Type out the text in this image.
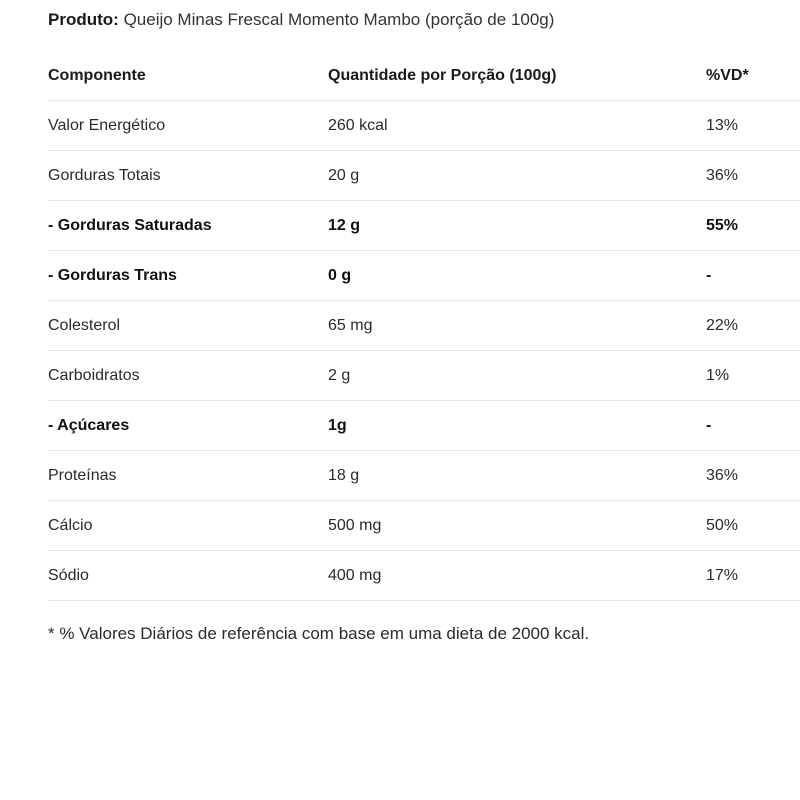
Produto: Queijo Minas Frescal Momento Mambo (porção de 100g)
Componente	Quantidade por Porção (100g)	%VD*
Valor Energético	260 kcal	13%
Gorduras Totais	20 g	36%
- Gorduras Saturadas	12 g	55%
- Gorduras Trans	0 g	-
Colesterol	65 mg	22%
Carboidratos	2 g	1%
- Açúcares	1g	-
Proteínas	18 g	36%
Cálcio	500 mg	50%
Sódio	400 mg	17%
* % Valores Diários de referência com base em uma dieta de 2000 kcal.
